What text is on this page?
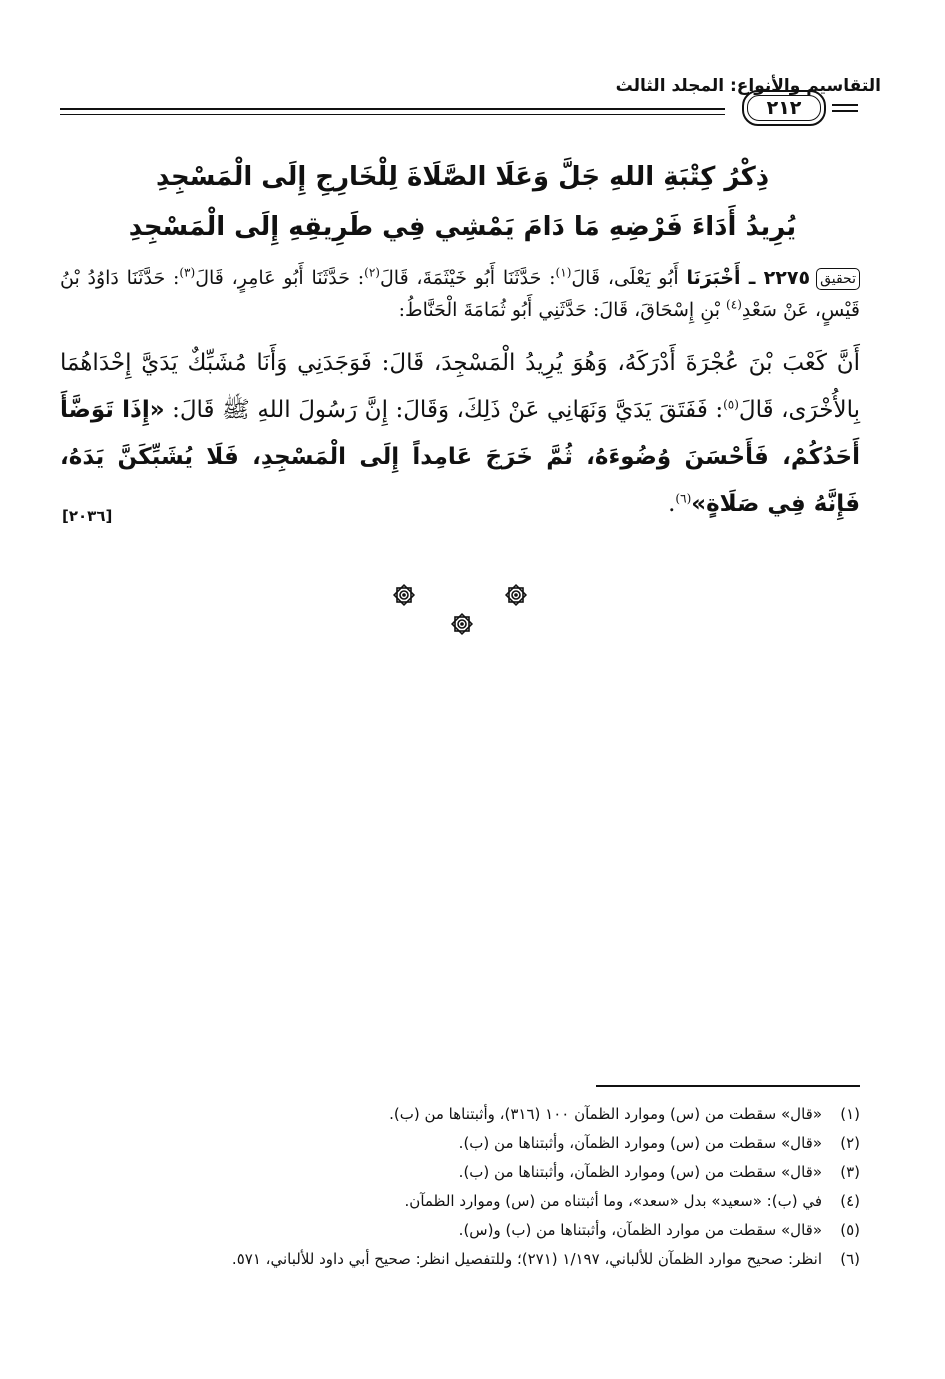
التقاسيم والأنواع: المجلد الثالث
٢١٢
ذِكْرُ كِتْبَةِ اللهِ جَلَّ وَعَلَا الصَّلَاةَ لِلْخَارِجِ إِلَى الْمَسْجِدِ
يُرِيدُ أَدَاءَ فَرْضِهِ مَا دَامَ يَمْشِي فِي طَرِيقِهِ إِلَى الْمَسْجِدِ
تحقيق٢٢٧٥ ـ أَخْبَرَنَا أَبُو يَعْلَى، قَالَ$^{(١)}$: حَدَّثَنَا أَبُو خَيْثَمَةَ، قَالَ$^{(٢)}$: حَدَّثَنَا أَبُو عَامِرٍ، قَالَ$^{(٣)}$: حَدَّثَنَا دَاوُدُ بْنُ قَيْسٍ، عَنْ سَعْدِ$^{(٤)}$ بْنِ إِسْحَاقَ، قَالَ: حَدَّثَنِي أَبُو ثُمَامَةَ الْحَنَّاطُ:
أَنَّ كَعْبَ بْنَ عُجْرَةَ أَدْرَكَهُ، وَهُوَ يُرِيدُ الْمَسْجِدَ، قَالَ: فَوَجَدَنِي وَأَنَا مُشَبِّكٌ يَدَيَّ إِحْدَاهُمَا بِالأُخْرَى، قَالَ$^{(٥)}$: فَفَتَقَ يَدَيَّ وَنَهَانِي عَنْ ذَلِكَ، وَقَالَ: إِنَّ رَسُولَ اللهِ ﷺ قَالَ: «إِذَا تَوَضَّأَ أَحَدُكُمْ، فَأَحْسَنَ وُضُوءَهُ، ثُمَّ خَرَجَ عَامِداً إِلَى الْمَسْجِدِ، فَلَا يُشَبِّكَنَّ يَدَهُ، فَإِنَّهُ فِي صَلَاةٍ»$^{(٦)}$.
[٢٠٣٦]
(١)
«قال» سقطت من (س) وموارد الظمآن ١٠٠ (٣١٦)، وأثبتناها من (ب).
(٢)
«قال» سقطت من (س) وموارد الظمآن، وأثبتناها من (ب).
(٣)
«قال» سقطت من (س) وموارد الظمآن، وأثبتناها من (ب).
(٤)
في (ب): «سعيد» بدل «سعد»، وما أثبتناه من (س) وموارد الظمآن.
(٥)
«قال» سقطت من موارد الظمآن، وأثبتناها من (ب) و(س).
(٦)
انظر: صحيح موارد الظمآن للألباني، ١/١٩٧ (٢٧١)؛ وللتفصيل انظر: صحيح أبي داود للألباني، ٥٧١.
